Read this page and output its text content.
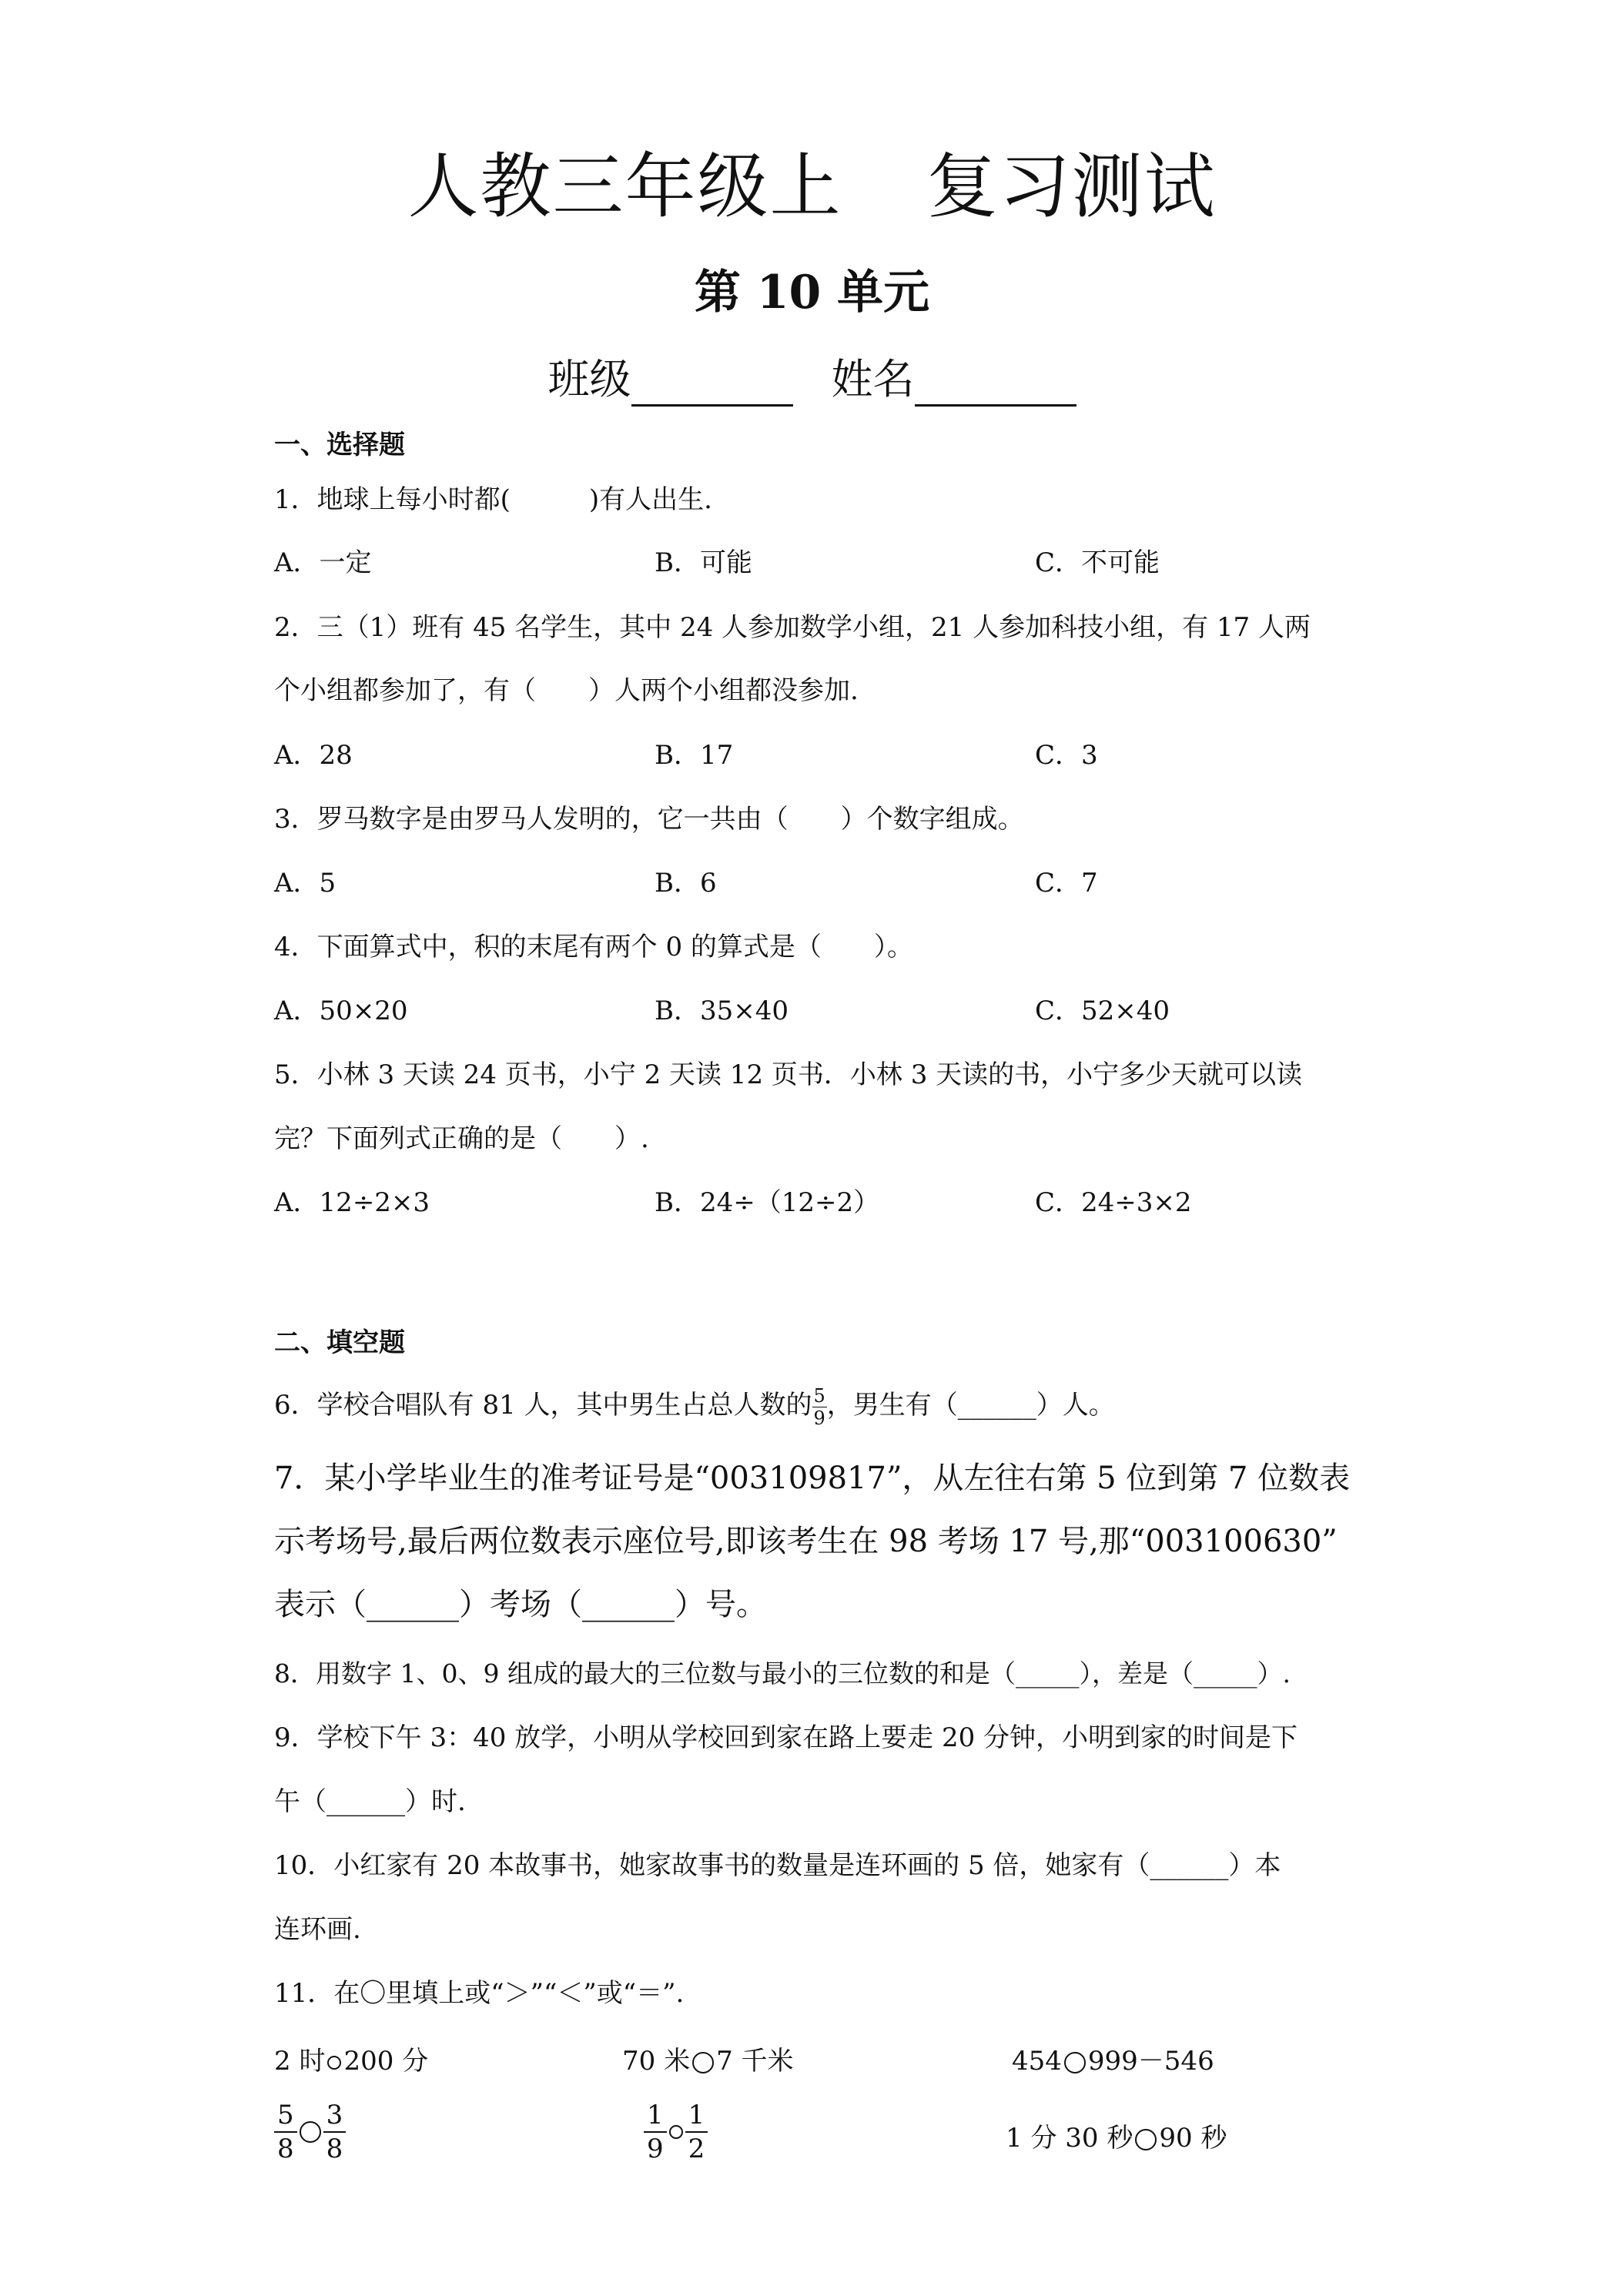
人教三年级上 复习测试
第 10 单元
班级	姓名
一、选择题
1．地球上每小时都(　　　)有人出生.
A．一定	B．可能	C．不可能
2．三（1）班有 45 名学生，其中 24 人参加数学小组，21 人参加科技小组，有 17 人两
个小组都参加了，有（　　）人两个小组都没参加.
A．28	B．17	C．3
3．罗马数字是由罗马人发明的，它一共由（　　）个数字组成。
A．5	B．6	C．7
4．下面算式中，积的末尾有两个 0 的算式是（　　）。
A．50×20	B．35×40	C．52×40
5．小林 3 天读 24 页书，小宁 2 天读 12 页书．小林 3 天读的书，小宁多少天就可以读
完？下面列式正确的是（　　）.
A．12÷2×3	B．24÷（12÷2）	C．24÷3×2
二、填空题
6．学校合唱队有 81 人，其中男生占总人数的 $\frac{5}{9}$ ，男生有（______）人。
7．某小学毕业生的准考证号是“003109817”，从左往右第 5 位到第 7 位数表
示考场号,最后两位数表示座位号,即该考生在 98 考场 17 号,那“003100630”
表示（______）考场（______）号。
8．用数字 1、0、9 组成的最大的三位数与最小的三位数的和是（_____），差是（_____）.
9．学校下午 3：40 放学，小明从学校回到家在路上要走 20 分钟，小明到家的时间是下
午（______）时.
10．小红家有 20 本故事书，她家故事书的数量是连环画的 5 倍，她家有（______）本
连环画.
11．在〇里填上或“＞”“＜”或“＝”.
2 时 200 分	70 米 7 千米	454 999－546
$\frac{5}{8} \frac{3}{8}$	$\frac{1}{9} \frac{1}{2}$	1 分 30 秒 90 秒
